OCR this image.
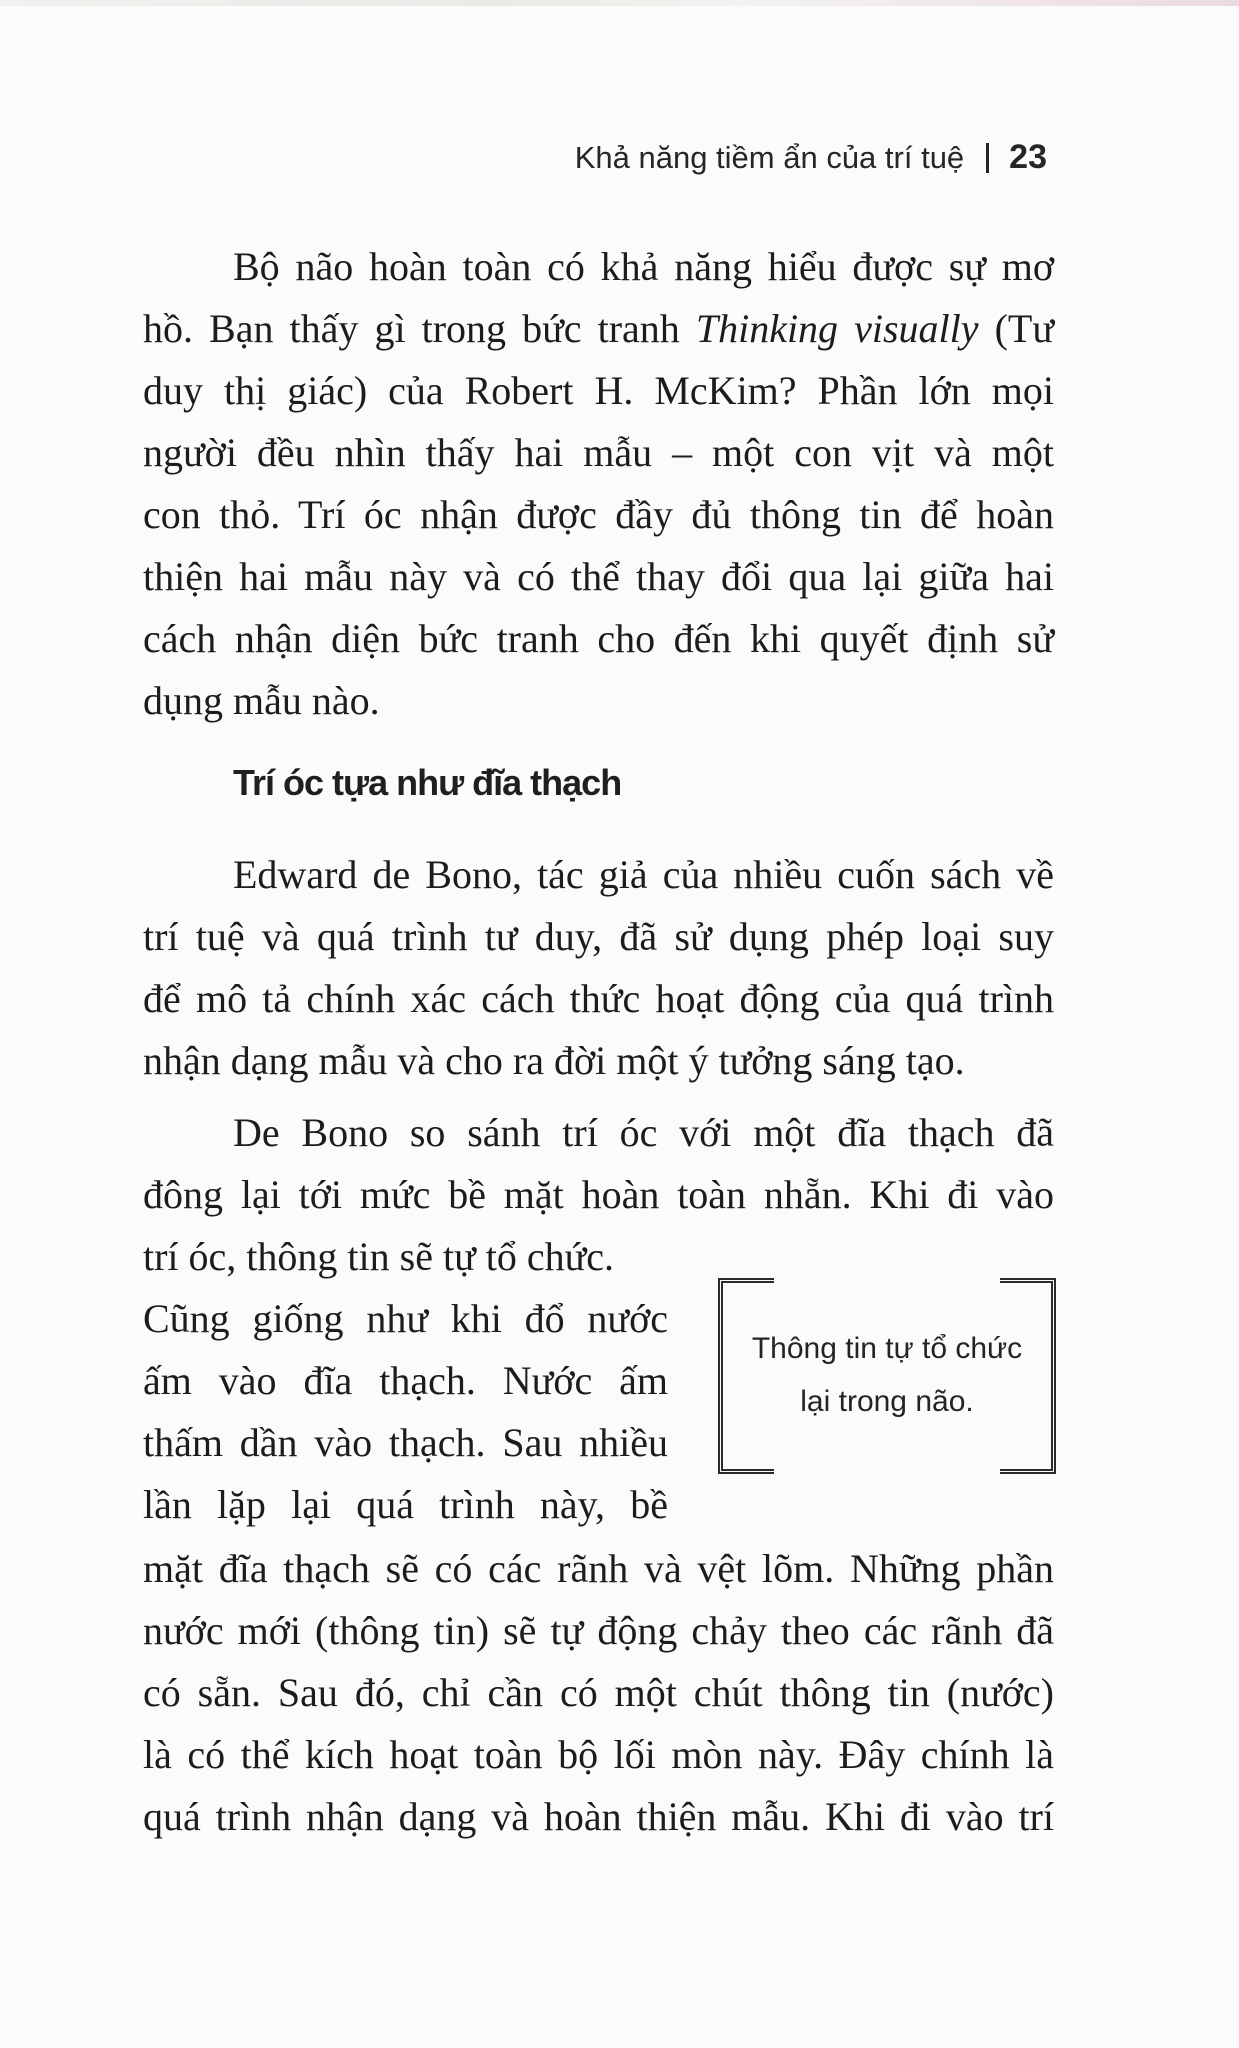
Khả năng tiềm ẩn của trí tuệ 23

Bộ não hoàn toàn có khả năng hiểu được sự mơ
hồ. Bạn thấy gì trong bức tranh Thinking visually (Tư
duy thị giác) của Robert H. McKim? Phần lớn mọi
người đều nhìn thấy hai mẫu – một con vịt và một
con thỏ. Trí óc nhận được đầy đủ thông tin để hoàn
thiện hai mẫu này và có thể thay đổi qua lại giữa hai
cách nhận diện bức tranh cho đến khi quyết định sử
dụng mẫu nào.

Trí óc tựa như đĩa thạch

Edward de Bono, tác giả của nhiều cuốn sách về
trí tuệ và quá trình tư duy, đã sử dụng phép loại suy
để mô tả chính xác cách thức hoạt động của quá trình
nhận dạng mẫu và cho ra đời một ý tưởng sáng tạo.

De Bono so sánh trí óc với một đĩa thạch đã
đông lại tới mức bề mặt hoàn toàn nhẵn. Khi đi vào

trí óc, thông tin sẽ tự tổ chức.
Cũng giống như khi đổ nước
ấm vào đĩa thạch. Nước ấm
thấm dần vào thạch. Sau nhiều
lần lặp lại quá trình này, bề

mặt đĩa thạch sẽ có các rãnh và vệt lõm. Những phần
nước mới (thông tin) sẽ tự động chảy theo các rãnh đã
có sẵn. Sau đó, chỉ cần có một chút thông tin (nước)
là có thể kích hoạt toàn bộ lối mòn này. Đây chính là
quá trình nhận dạng và hoàn thiện mẫu. Khi đi vào trí

Thông tin tự tổ chức
lại trong não.
